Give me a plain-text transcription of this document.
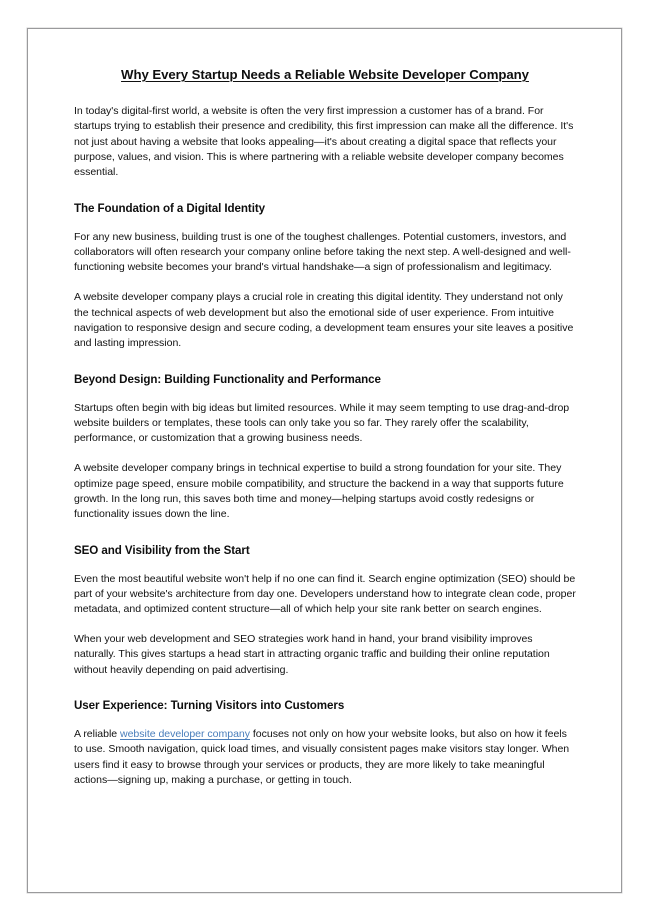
Why Every Startup Needs a Reliable Website Developer Company

In today's digital-first world, a website is often the very first impression a customer has of a brand. For startups trying to establish their presence and credibility, this first impression can make all the difference. It's not just about having a website that looks appealing—it's about creating a digital space that reflects your purpose, values, and vision. This is where partnering with a reliable website developer company becomes essential.

The Foundation of a Digital Identity

For any new business, building trust is one of the toughest challenges. Potential customers, investors, and collaborators will often research your company online before taking the next step. A well-designed and well-functioning website becomes your brand's virtual handshake—a sign of professionalism and legitimacy.

A website developer company plays a crucial role in creating this digital identity. They understand not only the technical aspects of web development but also the emotional side of user experience. From intuitive navigation to responsive design and secure coding, a development team ensures your site leaves a positive and lasting impression.

Beyond Design: Building Functionality and Performance

Startups often begin with big ideas but limited resources. While it may seem tempting to use drag-and-drop website builders or templates, these tools can only take you so far. They rarely offer the scalability, performance, or customization that a growing business needs.

A website developer company brings in technical expertise to build a strong foundation for your site. They optimize page speed, ensure mobile compatibility, and structure the backend in a way that supports future growth. In the long run, this saves both time and money—helping startups avoid costly redesigns or functionality issues down the line.

SEO and Visibility from the Start

Even the most beautiful website won't help if no one can find it. Search engine optimization (SEO) should be part of your website's architecture from day one. Developers understand how to integrate clean code, proper metadata, and optimized content structure—all of which help your site rank better on search engines.

When your web development and SEO strategies work hand in hand, your brand visibility improves naturally. This gives startups a head start in attracting organic traffic and building their online reputation without heavily depending on paid advertising.

User Experience: Turning Visitors into Customers

A reliable website developer company focuses not only on how your website looks, but also on how it feels to use. Smooth navigation, quick load times, and visually consistent pages make visitors stay longer. When users find it easy to browse through your services or products, they are more likely to take meaningful actions—signing up, making a purchase, or getting in touch.
